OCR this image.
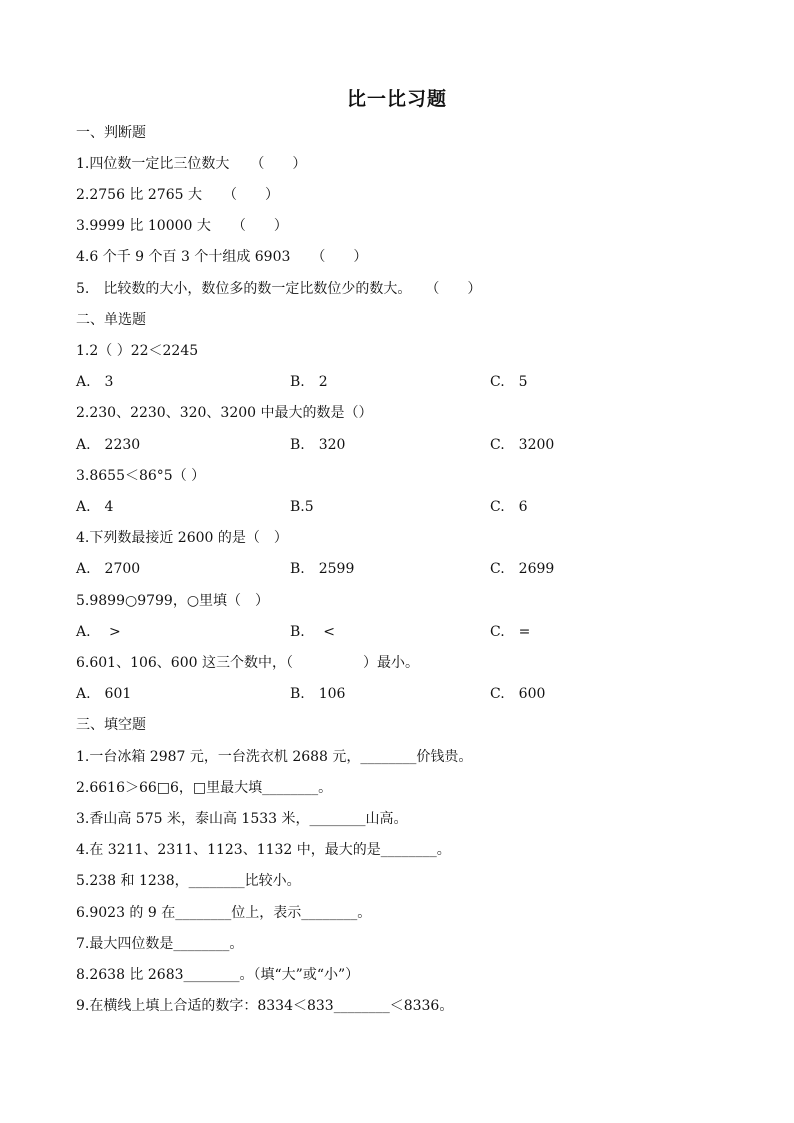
比一比习题
一、判断题
1.四位数一定比三位数大　　（　　）
2.2756 比 2765 大　　（　　）
3.9999 比 10000 大　　（　　）
4.6 个千 9 个百 3 个十组成 6903　　（　　）
5.　比较数的大小，数位多的数一定比数位少的数大。　　（　　）
二、单选题
1.2（ ）22＜2245
A.　3	B.　2	C.　5
2.230、2230、320、3200 中最大的数是（）
A.　2230	B.　320	C.　3200
3.8655＜86°5（ ）
A.　4	B.5	C.　6
4.下列数最接近 2600 的是（　）
A.　2700	B.　2599	C.　2699
5.9899○9799，○里填（　）
A.　 >	B.　 <	C.　=
6.601、106、600 这三个数中，（　　　　　）最小。
A.　601	B.　106	C.　600
三、填空题
1.一台冰箱 2987 元，一台洗衣机 2688 元，________价钱贵。
2.6616＞66□6，□里最大填________。
3.香山高 575 米，泰山高 1533 米，________山高。
4.在 3211、2311、1123、1132 中，最大的是________。
5.238 和 1238，________比较小。
6.9023 的 9 在________位上，表示________。
7.最大四位数是________。
8.2638 比 2683________。（填“大”或“小”）
9.在横线上填上合适的数字：8334＜833________＜8336。
